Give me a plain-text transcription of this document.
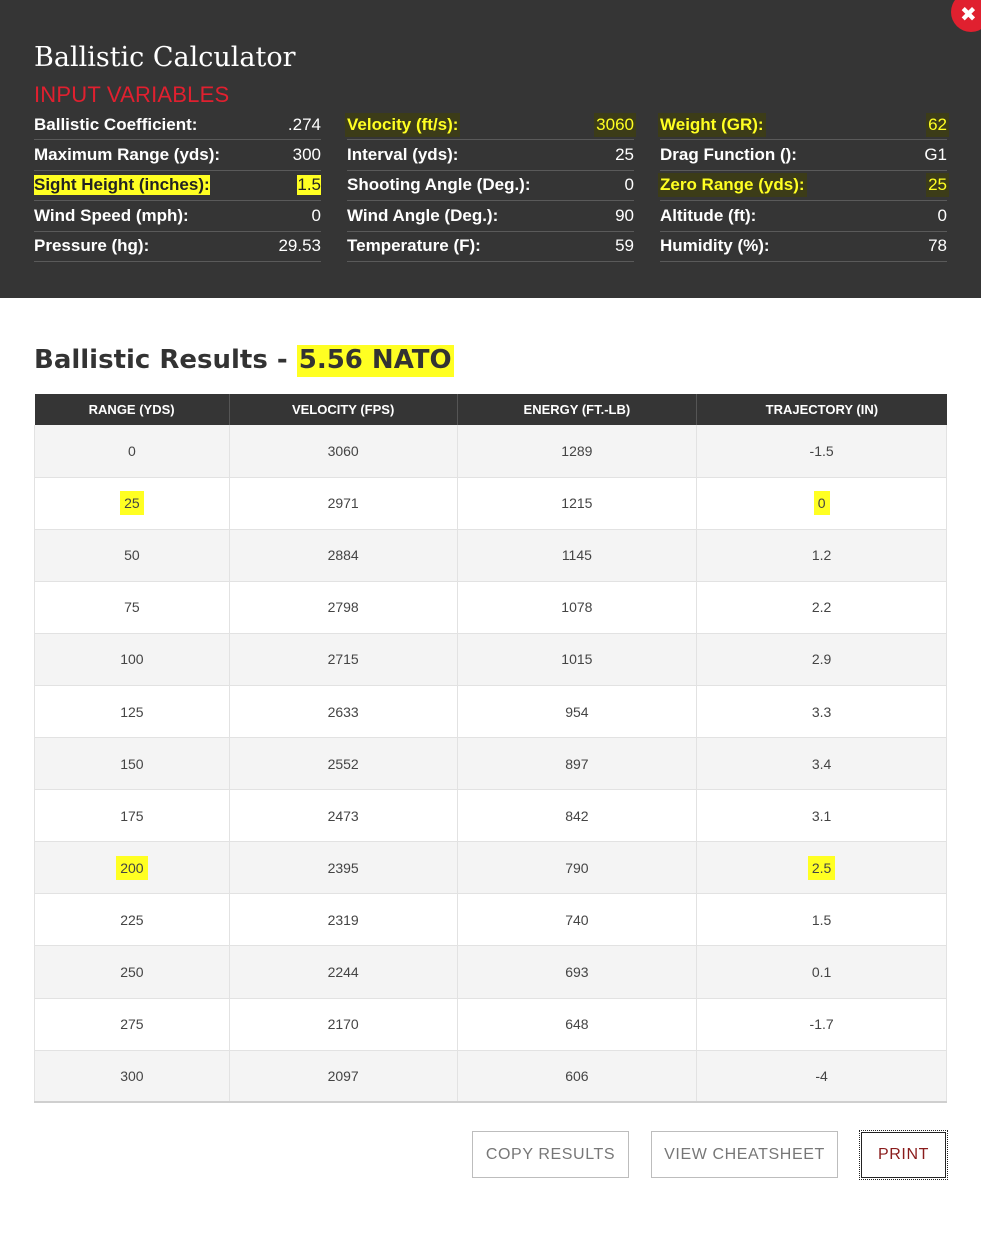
✖
Ballistic Calculator
INPUT VARIABLES
Ballistic Coefficient:	.274
Maximum Range (yds):	300
Sight Height (inches):	1.5
Wind Speed (mph):	0
Pressure (hg):	29.53
Velocity (ft/s):	3060
Interval (yds):	25
Shooting Angle (Deg.):	0
Wind Angle (Deg.):	90
Temperature (F):	59
Weight (GR):	62
Drag Function ():	G1
Zero Range (yds):	25
Altitude (ft):	0
Humidity (%):	78
Ballistic Results - 5.56 NATO
RANGE (YDS)	VELOCITY (FPS)	ENERGY (FT.-LB)	TRAJECTORY (IN)
0	3060	1289	-1.5
25	2971	1215	0
50	2884	1145	1.2
75	2798	1078	2.2
100	2715	1015	2.9
125	2633	954	3.3
150	2552	897	3.4
175	2473	842	3.1
200	2395	790	2.5
225	2319	740	1.5
250	2244	693	0.1
275	2170	648	-1.7
300	2097	606	-4
COPY RESULTS	VIEW CHEATSHEET	PRINT
